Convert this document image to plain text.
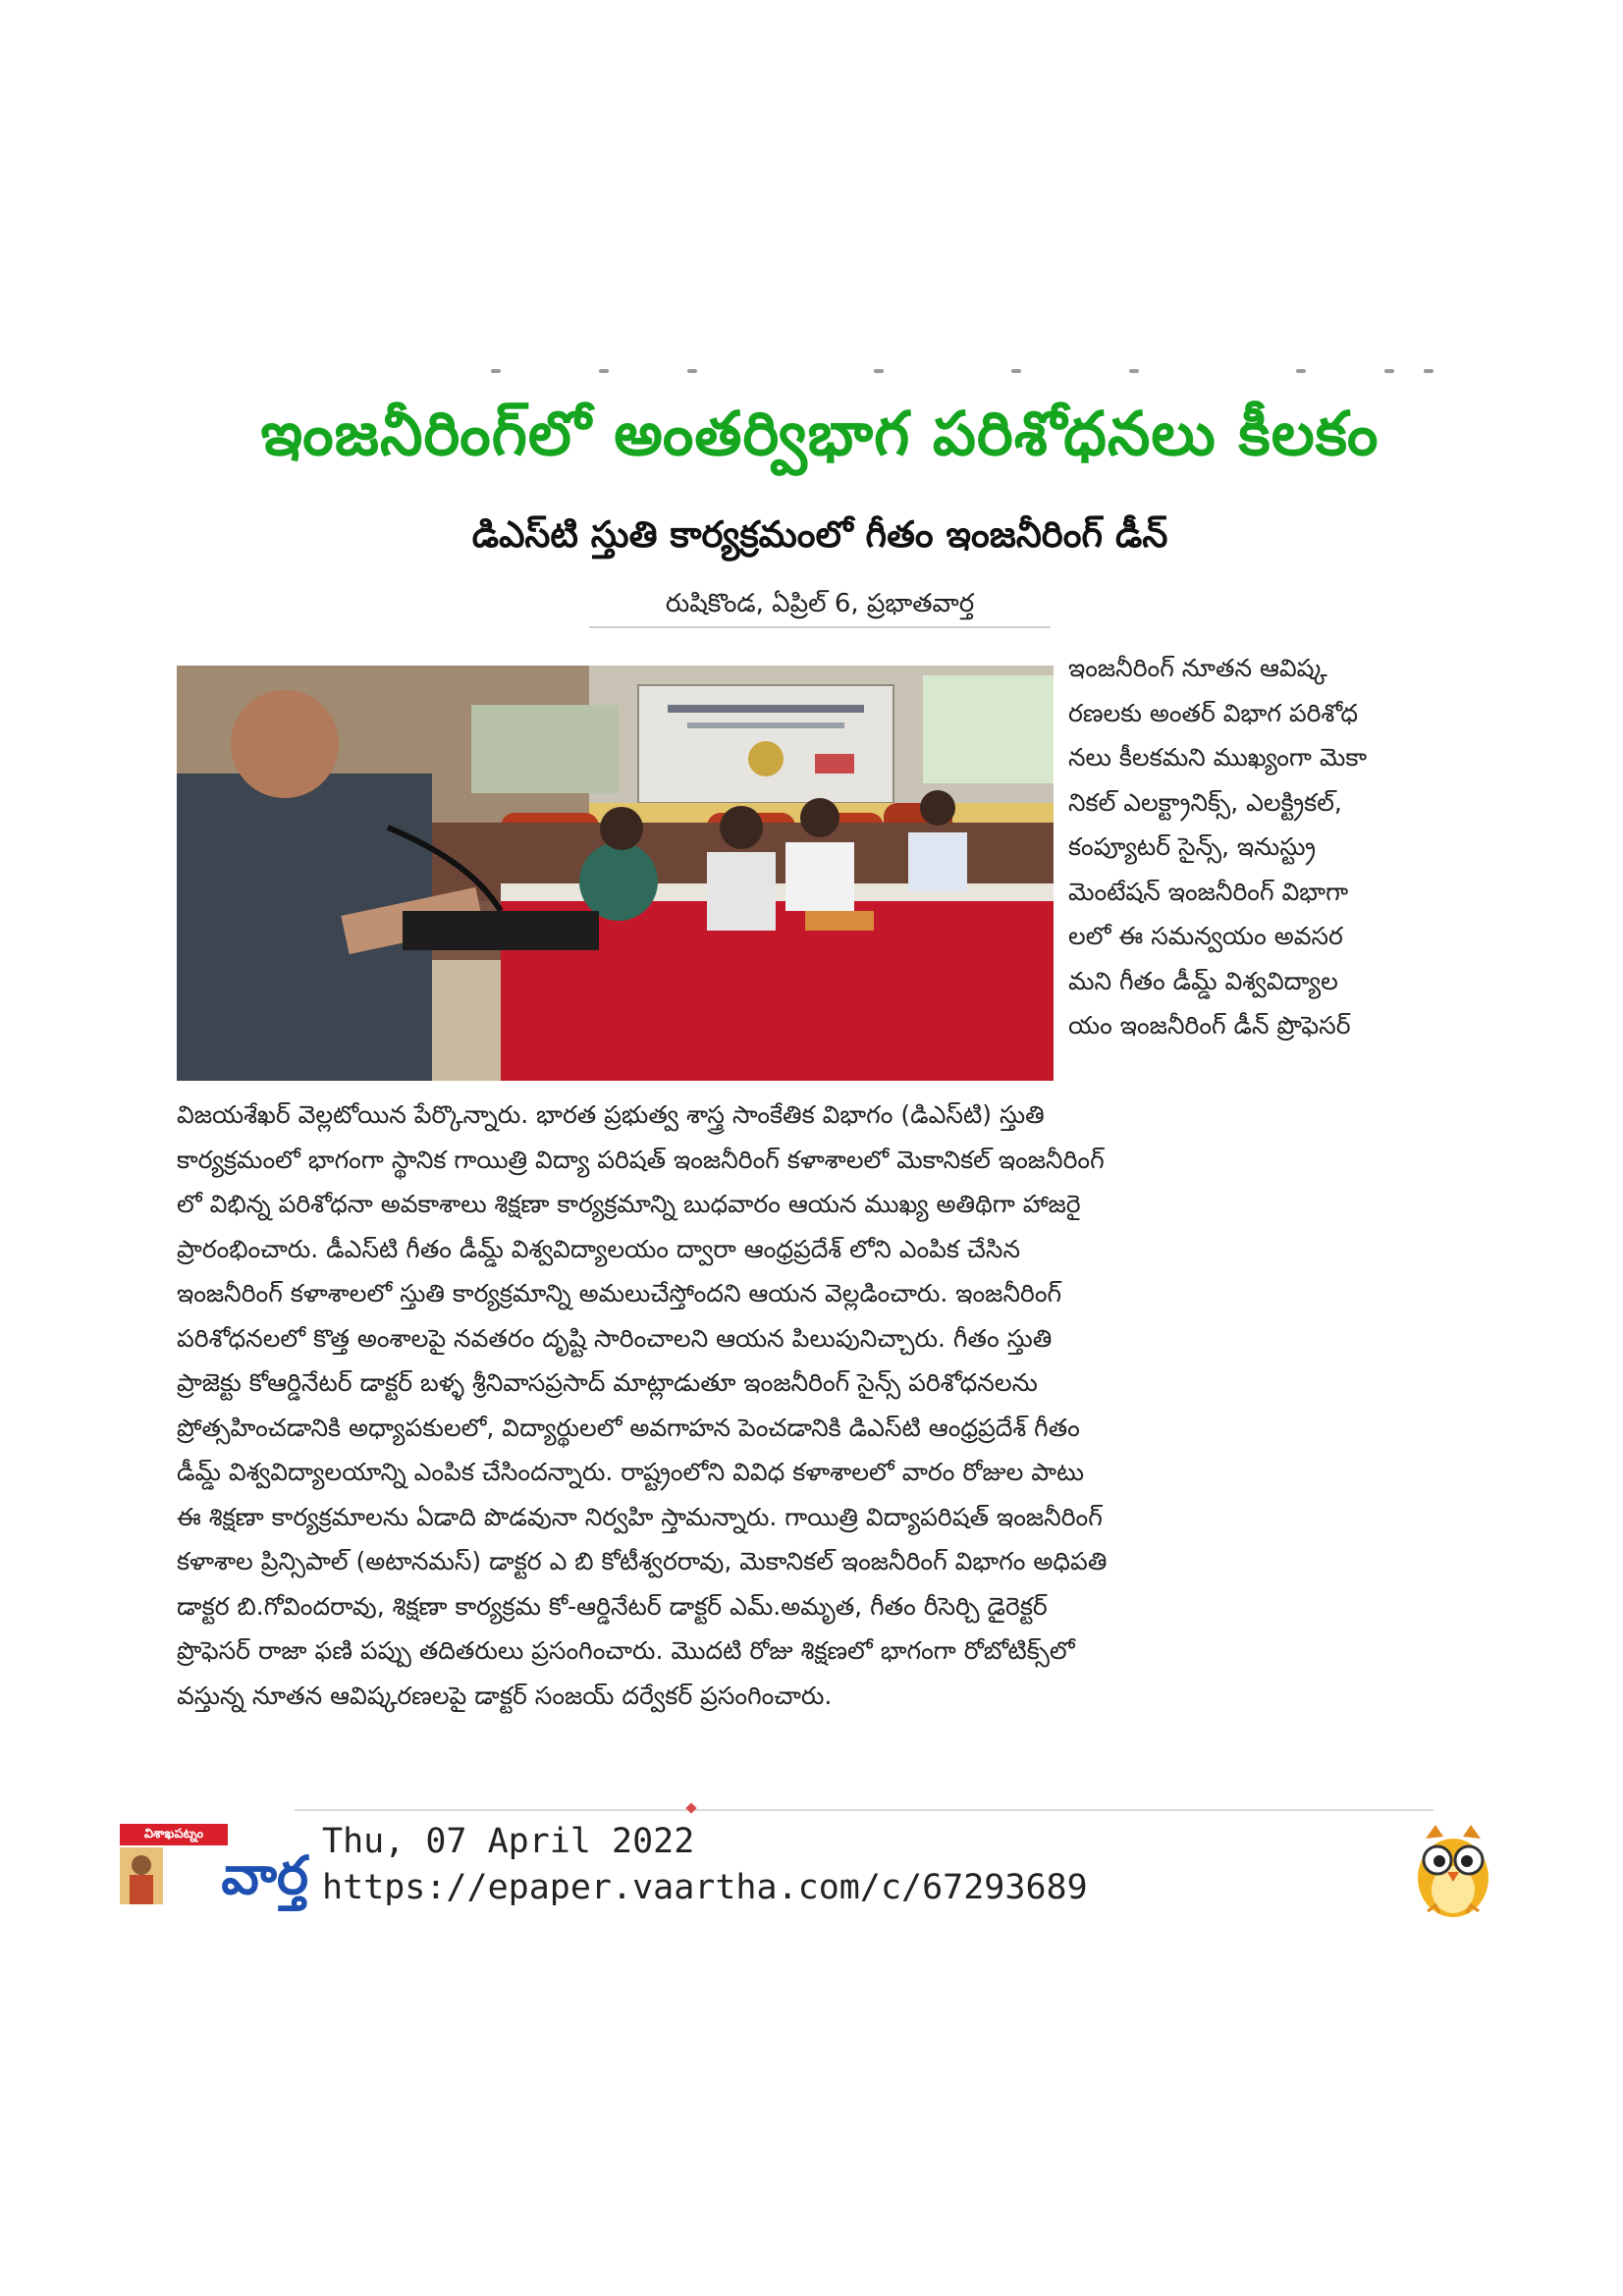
ఇంజనీరింగ్‌లో అంతర్విభాగ పరిశోధనలు కీలకం
డిఎస్‌టి స్తుతి కార్యక్రమంలో గీతం ఇంజనీరింగ్ డీన్
రుషికొండ, ఏప్రిల్ 6, ప్రభాతవార్త
ఇంజనీరింగ్ నూతన ఆవిష్క
రణలకు అంతర్ విభాగ పరిశోధ
నలు కీలకమని ముఖ్యంగా మెకా
నికల్ ఎలక్ట్రానిక్స్, ఎలక్ట్రికల్,
కంప్యూటర్ సైన్స్, ఇనుస్ట్రు
మెంటేషన్ ఇంజనీరింగ్ విభాగా
లలో ఈ సమన్వయం అవసర
మని గీతం డీమ్డ్ విశ్వవిద్యాల
యం ఇంజనీరింగ్ డీన్ ప్రొఫెసర్
విజయశేఖర్ వెల్లటోయిన పేర్కొన్నారు. భారత ప్రభుత్వ శాస్త్ర సాంకేతిక విభాగం (డిఎస్‌టి) స్తుతి
కార్యక్రమంలో భాగంగా స్థానిక గాయిత్రి విద్యా పరిషత్ ఇంజనీరింగ్ కళాశాలలో మెకానికల్ ఇంజనీరింగ్
లో విభిన్న పరిశోధనా అవకాశాలు శిక్షణా కార్యక్రమాన్ని బుధవారం ఆయన ముఖ్య అతిథిగా హాజరై
ప్రారంభించారు. డీఎస్‌టి గీతం డీమ్డ్ విశ్వవిద్యాలయం ద్వారా ఆంధ్రప్రదేశ్ లోని ఎంపిక చేసిన
ఇంజనీరింగ్ కళాశాలలో స్తుతి కార్యక్రమాన్ని అమలుచేస్తోందని ఆయన వెల్లడించారు. ఇంజనీరింగ్
పరిశోధనలలో కొత్త అంశాలపై నవతరం దృష్టి సారించాలని ఆయన పిలుపునిచ్చారు. గీతం స్తుతి
ప్రాజెక్టు కోఆర్డినేటర్ డాక్టర్ బళ్ళ శ్రీనివాసప్రసాద్ మాట్లాడుతూ ఇంజనీరింగ్ సైన్స్ పరిశోధనలను
ప్రోత్సహించడానికి అధ్యాపకులలో, విద్యార్థులలో అవగాహన పెంచడానికి డిఎస్‌టి ఆంధ్రప్రదేశ్ గీతం
డీమ్డ్ విశ్వవిద్యాలయాన్ని ఎంపిక చేసిందన్నారు. రాష్ట్రంలోని వివిధ కళాశాలలో వారం రోజుల పాటు
ఈ శిక్షణా కార్యక్రమాలను ఏడాది పొడవునా నిర్వహి స్తామన్నారు. గాయిత్రి విద్యాపరిషత్ ఇంజనీరింగ్
కళాశాల ప్రిన్సిపాల్ (అటానమస్) డాక్టర ఎ బి కోటీశ్వరరావు, మెకానికల్ ఇంజనీరింగ్ విభాగం అధిపతి
డాక్టర బి.గోవిందరావు, శిక్షణా కార్యక్రమ కో-ఆర్డినేటర్ డాక్టర్ ఎమ్.అమృత, గీతం రీసెర్చి డైరెక్టర్
ప్రొఫెసర్ రాజా ఫణి పప్పు తదితరులు ప్రసంగించారు. మొదటి రోజు శిక్షణలో భాగంగా రోబోటిక్స్‌లో
వస్తున్న నూతన ఆవిష్కరణలపై డాక్టర్ సంజయ్ దర్వేకర్ ప్రసంగించారు.
విశాఖపట్నం
వార్త
Thu, 07 April 2022
https://epaper.vaartha.com/c/67293689
